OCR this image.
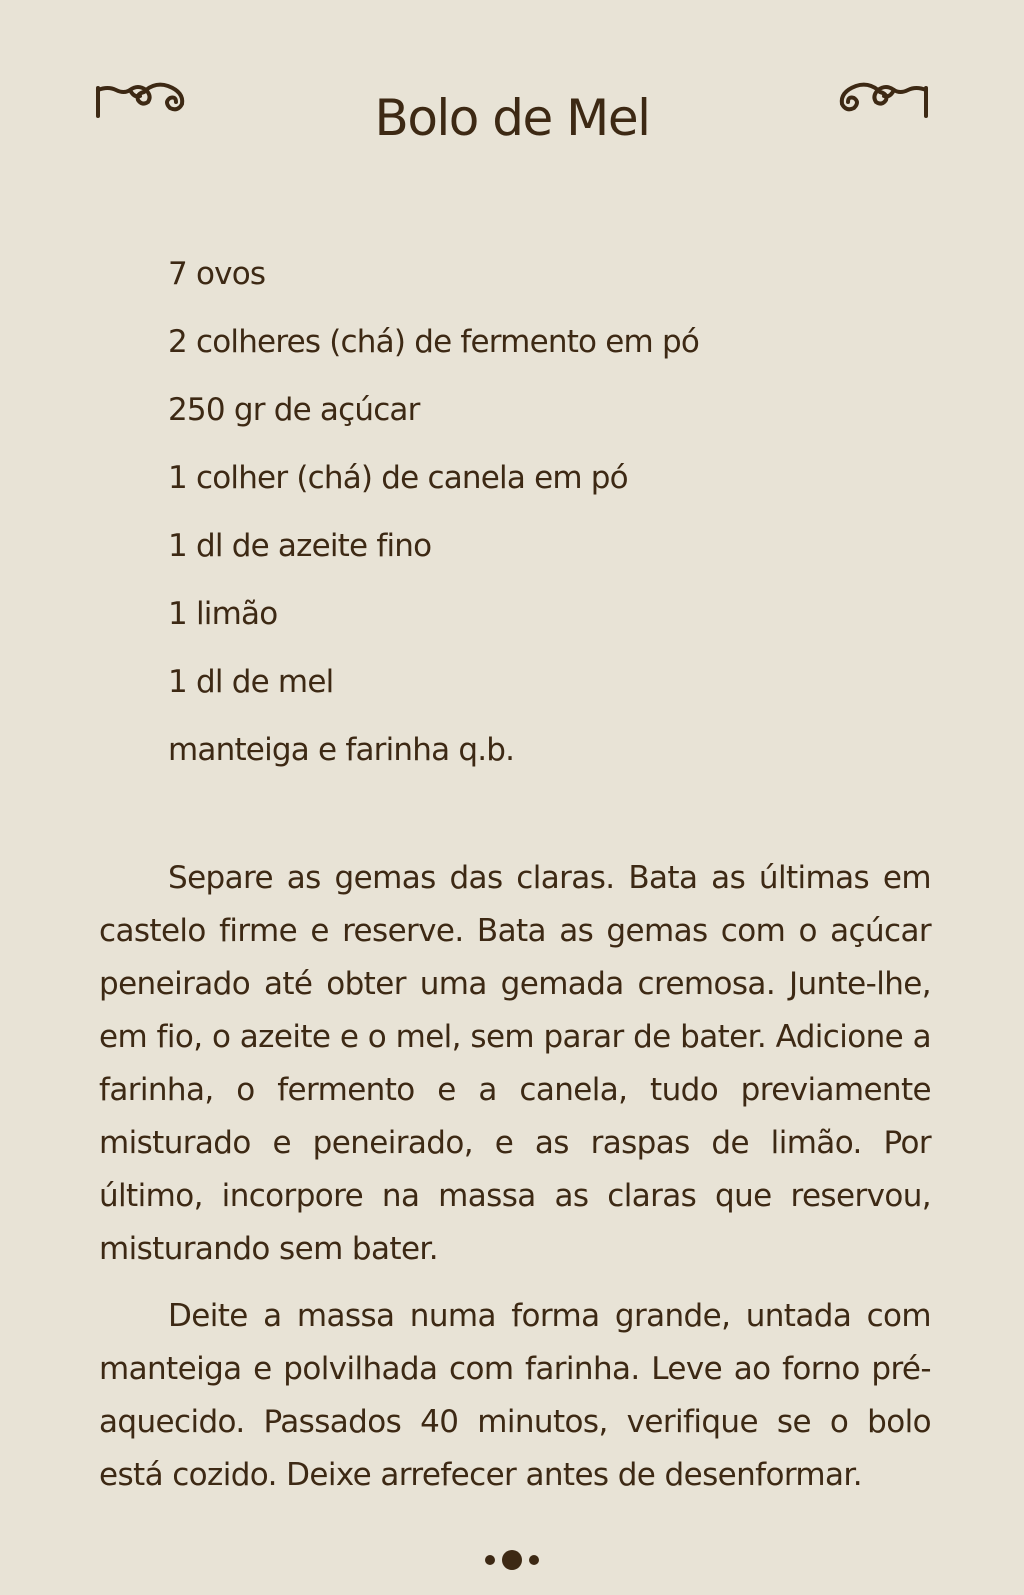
Bolo de Mel
7 ovos
2 colheres (chá) de fermento em pó
250 gr de açúcar
1 colher (chá) de canela em pó
1 dl de azeite fino
1 limão
1 dl de mel
manteiga e farinha q.b.

Separe as gemas das claras. Bata as últimas em castelo firme e reserve. Bata as gemas com o açúcar peneirado até obter uma gemada cremosa. Junte-lhe, em fio, o azeite e o mel, sem parar de bater. Adicione a farinha, o fermento e a canela, tudo previamente misturado e peneirado, e as raspas de limão. Por último, incorpore na massa as claras que reservou, misturando sem bater.

Deite a massa numa forma grande, untada com manteiga e polvilhada com farinha. Leve ao forno pré-aquecido. Passados 40 minutos, verifique se o bolo está cozido. Deixe arrefecer antes de desenformar.
